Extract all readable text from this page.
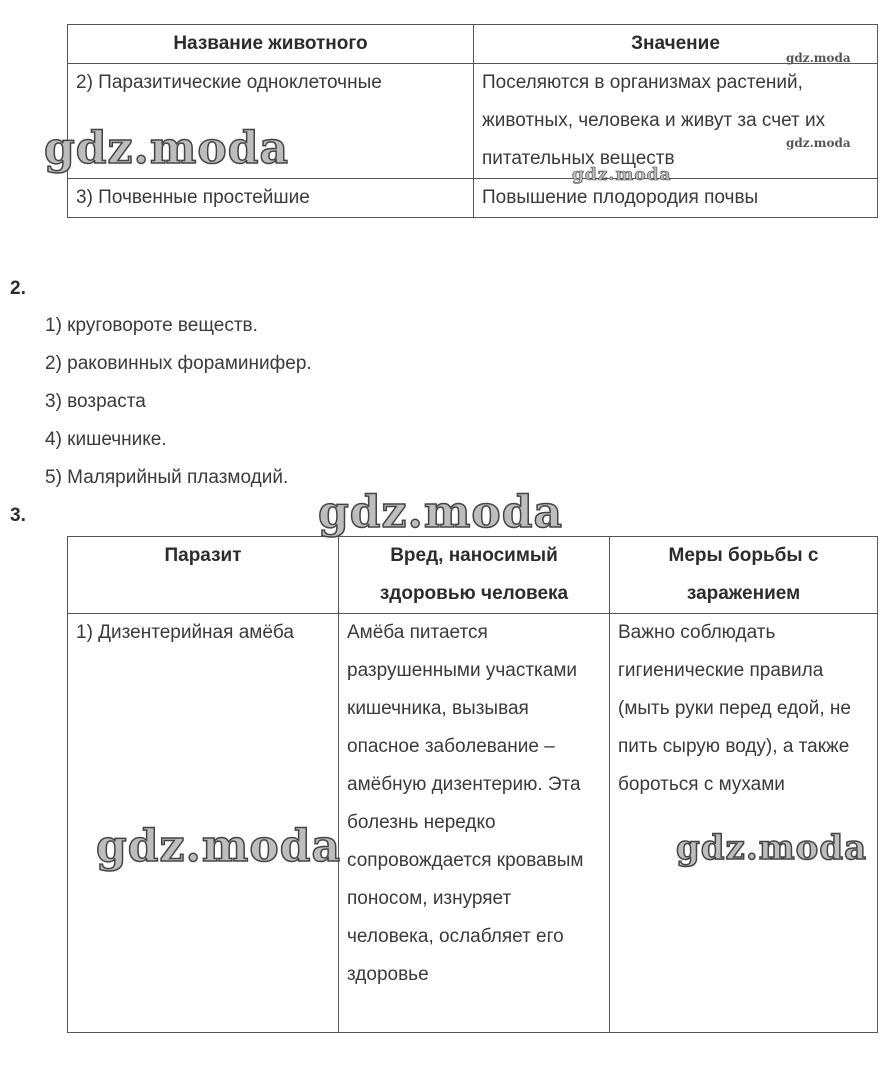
Название животного	Значение
2) Паразитические одноклеточные	Поселяются в организмах растений, животных, человека и живут за счет их питательных веществ
3) Почвенные простейшие	Повышение плодородия почвы
2.
1) круговороте веществ.
2) раковинных фораминифер.
3) возраста
4) кишечнике.
5) Малярийный плазмодий.
3.
Паразит	Вред, наносимый здоровью человека	Меры борьбы с заражением
1) Дизентерийная амёба	Амёба питается разрушенными участками кишечника, вызывая опасное заболевание – амёбную дизентерию. Эта болезнь нередко сопровождается кровавым поносом, изнуряет человека, ослабляет его здоровье	Важно соблюдать гигиенические правила (мыть руки перед едой, не пить сырую воду), а также бороться с мухами
gdz.moda
gdz.moda
gdz.moda
gdz.moda
gdz.moda
gdz.moda	gdz.moda
